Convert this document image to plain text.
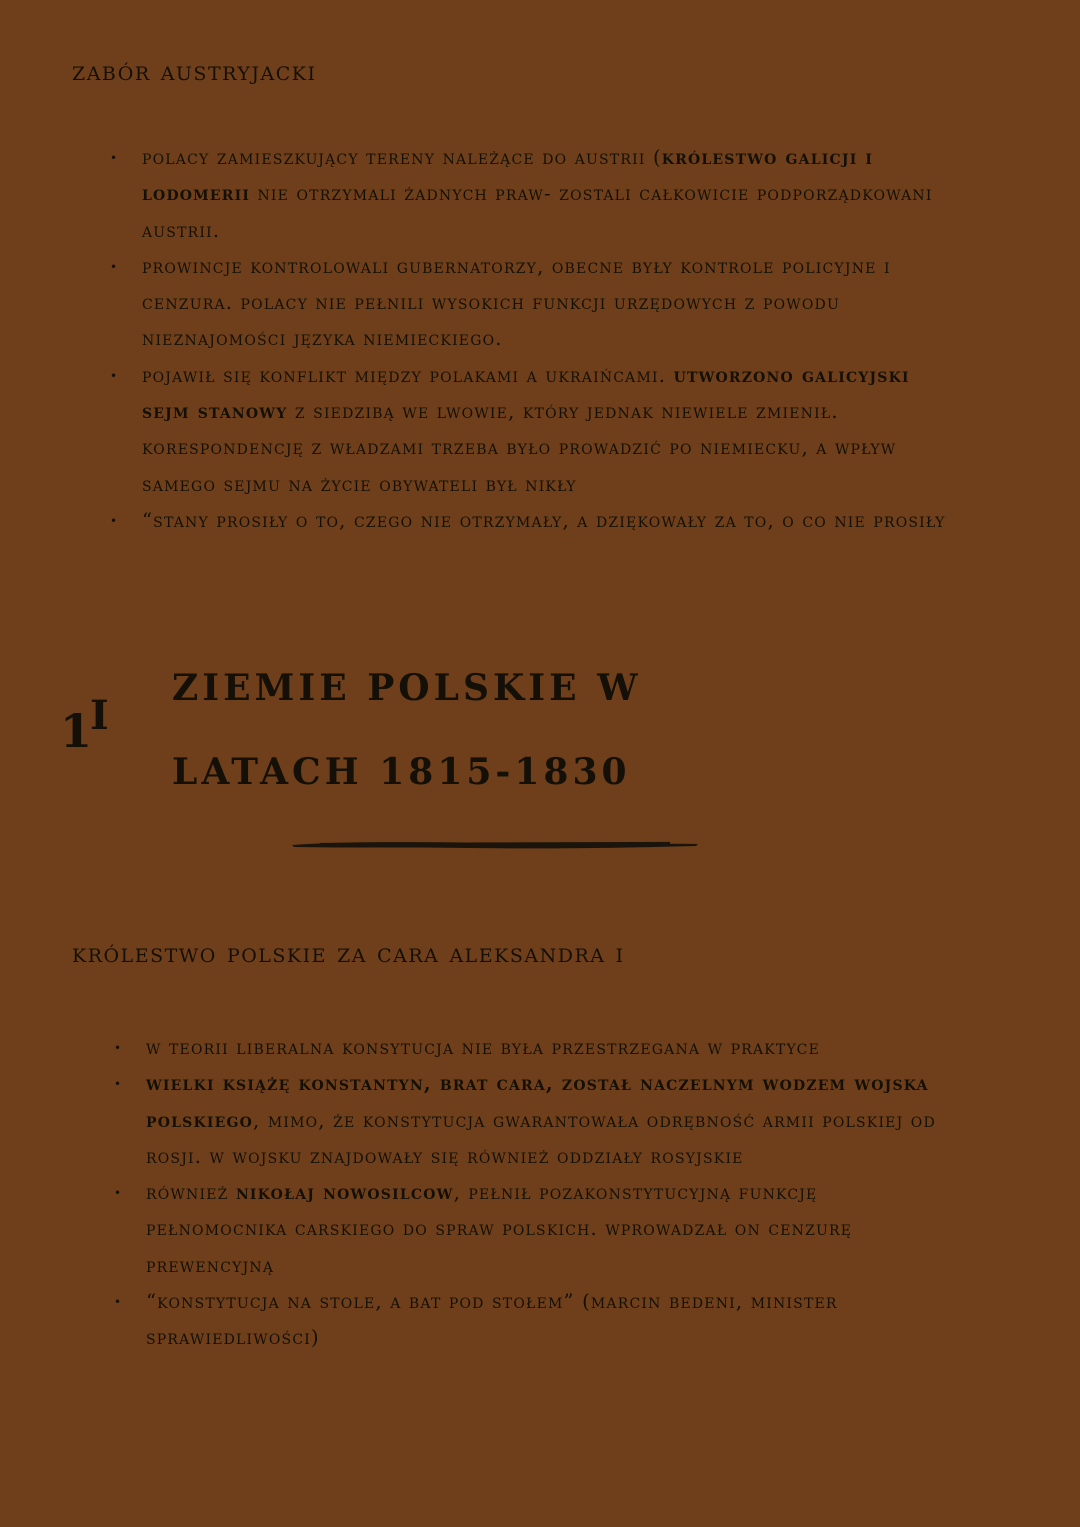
zabór austryjacki
• polacy zamieszkujący tereny należące do austrii (królestwo galicji i lodomerii nie otrzymali żadnych praw- zostali całkowicie podporządkowani austrii.
• prowincje kontrolowali gubernatorzy, obecne były kontrole policyjne i cenzura. polacy nie pełnili wysokich funkcji urzędowych z powodu nieznajomości języka niemieckiego.
• pojawił się konflikt między polakami a ukraińcami. utworzono galicyjski sejm stanowy z siedzibą we lwowie, który jednak niewiele zmienił. korespondencję z władzami trzeba było prowadzić po niemiecku, a wpływ samego sejmu na życie obywateli był nikły
• “stany prosiły o to, czego nie otrzymały, a dziękowały za to, o co nie prosiły
$1^I$
ZIEMIE POLSKIE W
LATACH 1815-1830
królestwo polskie za cara aleksandra i
• w teorii liberalna konsytucja nie była przestrzegana w praktyce
• wielki książę konstantyn, brat cara, został naczelnym wodzem wojska polskiego, mimo, że konstytucja gwarantowała odrębność armii polskiej od rosji. w wojsku znajdowały się również oddziały rosyjskie
• również nikołaj nowosilcow, pełnił pozakonstytucyjną funkcję pełnomocnika carskiego do spraw polskich. wprowadzał on cenzurę prewencyjną
• “konstytucja na stole, a bat pod stołem” (marcin bedeni, minister sprawiedliwości)
